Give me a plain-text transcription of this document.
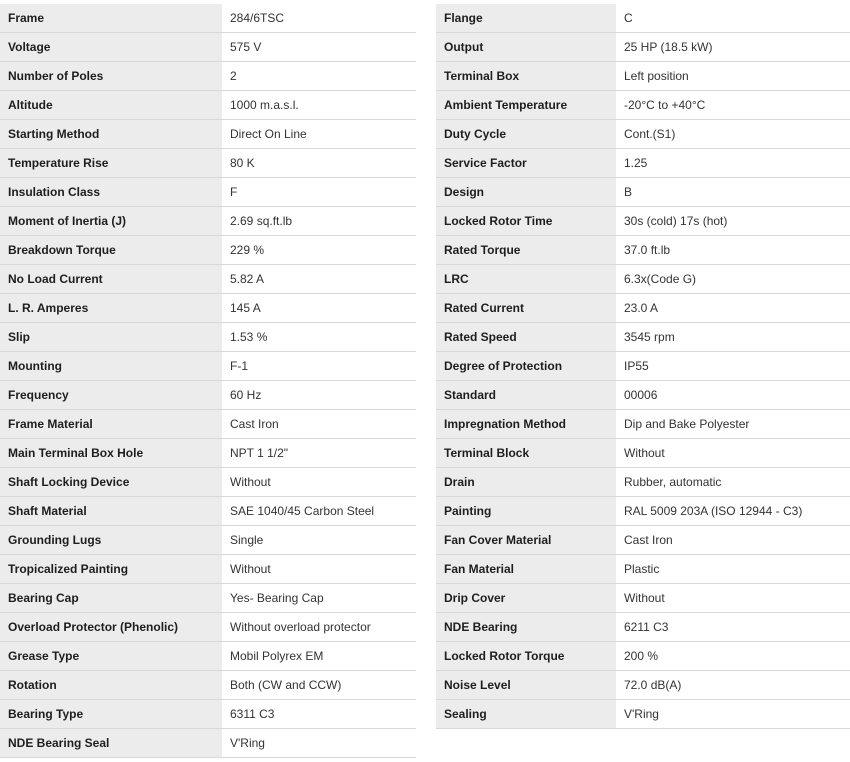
Frame	284/6TSC
Voltage	575 V
Number of Poles	2
Altitude	1000 m.a.s.l.
Starting Method	Direct On Line
Temperature Rise	80 K
Insulation Class	F
Moment of Inertia (J)	2.69 sq.ft.lb
Breakdown Torque	229 %
No Load Current	5.82 A
L. R. Amperes	145 A
Slip	1.53 %
Mounting	F-1
Frequency	60 Hz
Frame Material	Cast Iron
Main Terminal Box Hole	NPT 1 1/2"
Shaft Locking Device	Without
Shaft Material	SAE 1040/45 Carbon Steel
Grounding Lugs	Single
Tropicalized Painting	Without
Bearing Cap	Yes- Bearing Cap
Overload Protector (Phenolic)	Without overload protector
Grease Type	Mobil Polyrex EM
Rotation	Both (CW and CCW)
Bearing Type	6311 C3
NDE Bearing Seal	V'Ring
Flange	C
Output	25 HP (18.5 kW)
Terminal Box	Left position
Ambient Temperature	-20°C to +40°C
Duty Cycle	Cont.(S1)
Service Factor	1.25
Design	B
Locked Rotor Time	30s (cold) 17s (hot)
Rated Torque	37.0 ft.lb
LRC	6.3x(Code G)
Rated Current	23.0 A
Rated Speed	3545 rpm
Degree of Protection	IP55
Standard	00006
Impregnation Method	Dip and Bake Polyester
Terminal Block	Without
Drain	Rubber, automatic
Painting	RAL 5009 203A (ISO 12944 - C3)
Fan Cover Material	Cast Iron
Fan Material	Plastic
Drip Cover	Without
NDE Bearing	6211 C3
Locked Rotor Torque	200 %
Noise Level	72.0 dB(A)
Sealing	V'Ring
